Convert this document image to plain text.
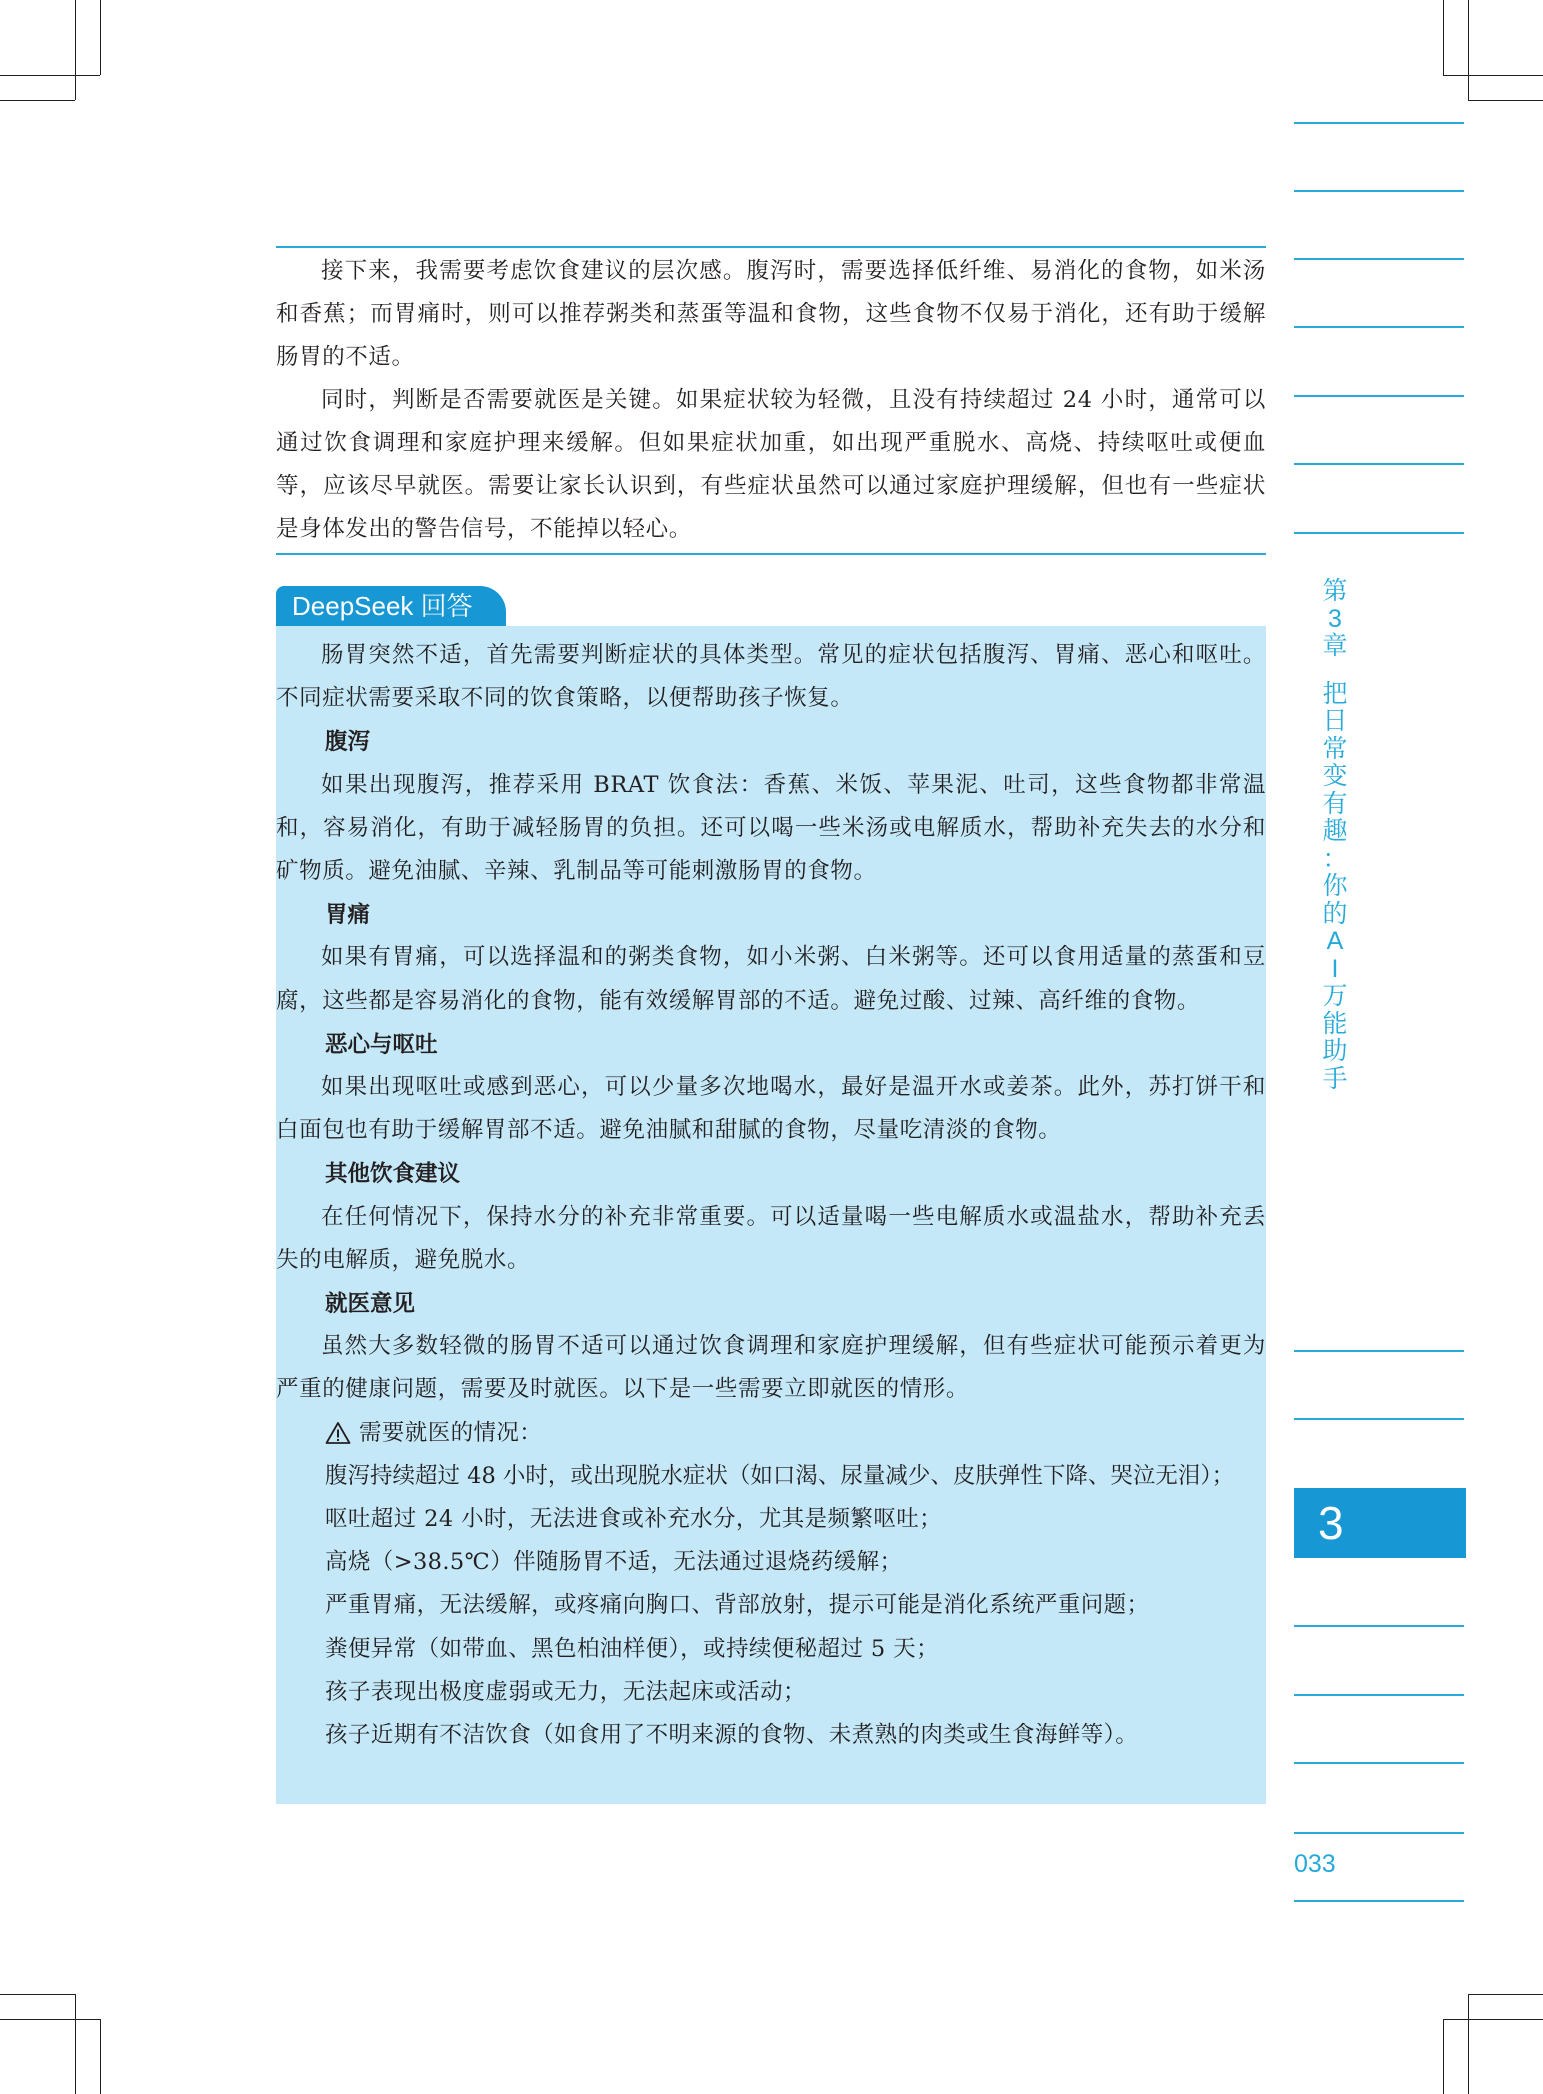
接下来，我需要考虑饮食建议的层次感。腹泻时，需要选择低纤维、易消化的食物，如米汤和香蕉；而胃痛时，则可以推荐粥类和蒸蛋等温和食物，这些食物不仅易于消化，还有助于缓解肠胃的不适。

同时，判断是否需要就医是关键。如果症状较为轻微，且没有持续超过 24 小时，通常可以通过饮食调理和家庭护理来缓解。但如果症状加重，如出现严重脱水、高烧、持续呕吐或便血等，应该尽早就医。需要让家长认识到，有些症状虽然可以通过家庭护理缓解，但也有一些症状是身体发出的警告信号，不能掉以轻心。

DeepSeek 回答

肠胃突然不适，首先需要判断症状的具体类型。常见的症状包括腹泻、胃痛、恶心和呕吐。不同症状需要采取不同的饮食策略，以便帮助孩子恢复。

腹泻

如果出现腹泻，推荐采用 BRAT 饮食法：香蕉、米饭、苹果泥、吐司，这些食物都非常温和，容易消化，有助于减轻肠胃的负担。还可以喝一些米汤或电解质水，帮助补充失去的水分和矿物质。避免油腻、辛辣、乳制品等可能刺激肠胃的食物。

胃痛

如果有胃痛，可以选择温和的粥类食物，如小米粥、白米粥等。还可以食用适量的蒸蛋和豆腐，这些都是容易消化的食物，能有效缓解胃部的不适。避免过酸、过辣、高纤维的食物。

恶心与呕吐

如果出现呕吐或感到恶心，可以少量多次地喝水，最好是温开水或姜茶。此外，苏打饼干和白面包也有助于缓解胃部不适。避免油腻和甜腻的食物，尽量吃清淡的食物。

其他饮食建议

在任何情况下，保持水分的补充非常重要。可以适量喝一些电解质水或温盐水，帮助补充丢失的电解质，避免脱水。

就医意见

虽然大多数轻微的肠胃不适可以通过饮食调理和家庭护理缓解，但有些症状可能预示着更为严重的健康问题，需要及时就医。以下是一些需要立即就医的情形。

需要就医的情况：

腹泻持续超过 48 小时，或出现脱水症状（如口渴、尿量减少、皮肤弹性下降、哭泣无泪）；

呕吐超过 24 小时，无法进食或补充水分，尤其是频繁呕吐；

高烧（>38.5℃）伴随肠胃不适，无法通过退烧药缓解；

严重胃痛，无法缓解，或疼痛向胸口、背部放射，提示可能是消化系统严重问题；

粪便异常（如带血、黑色柏油样便），或持续便秘超过 5 天；

孩子表现出极度虚弱或无力，无法起床或活动；

孩子近期有不洁饮食（如食用了不明来源的食物、未煮熟的肉类或生食海鲜等）。

第
3
章
把
日
常
变
有
趣
：
你
的
A
I
万
能
助
手
3
033
